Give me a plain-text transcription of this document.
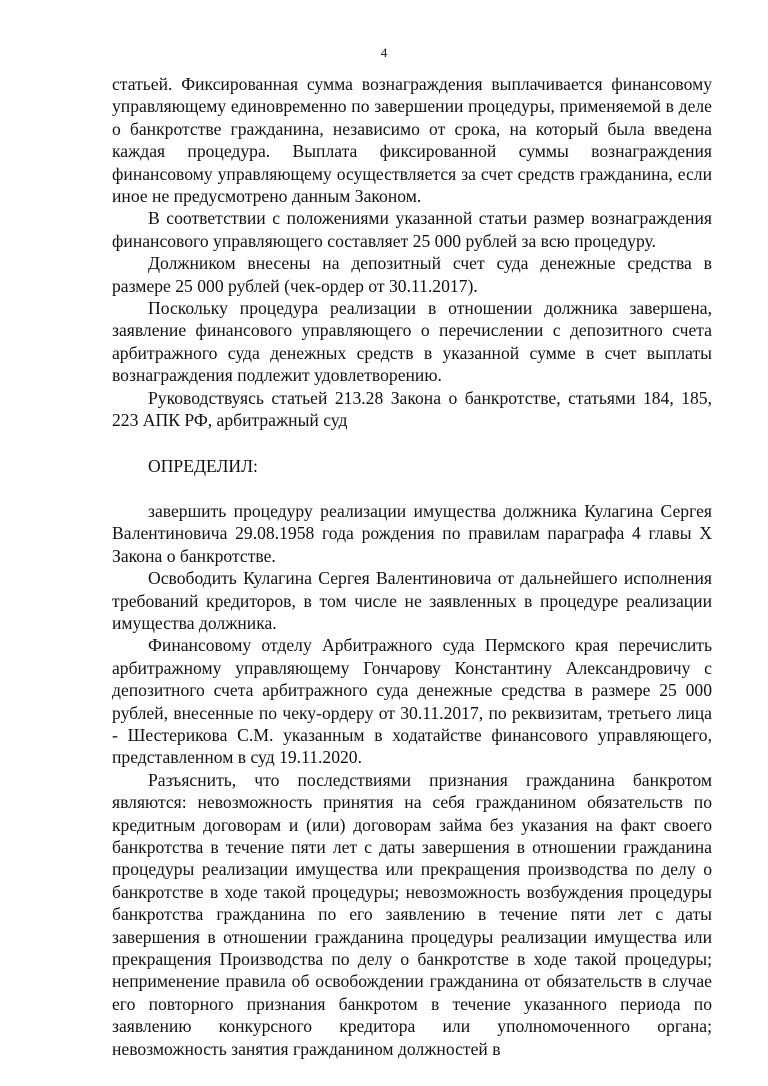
4

статьей. Фиксированная сумма вознаграждения выплачивается финансовому управляющему единовременно по завершении процедуры, применяемой в деле о банкротстве гражданина, независимо от срока, на который была введена каждая процедура. Выплата фиксированной суммы вознаграждения финансовому управляющему осуществляется за счет средств гражданина, если иное не предусмотрено данным Законом.

В соответствии с положениями указанной статьи размер вознаграждения финансового управляющего составляет 25 000 рублей за всю процедуру.

Должником внесены на депозитный счет суда денежные средства в размере 25 000 рублей (чек-ордер от 30.11.2017).

Поскольку процедура реализации в отношении должника завершена, заявление финансового управляющего о перечислении с депозитного счета арбитражного суда денежных средств в указанной сумме в счет выплаты вознаграждения подлежит удовлетворению.

Руководствуясь статьей 213.28 Закона о банкротстве, статьями 184, 185, 223 АПК РФ, арбитражный суд

ОПРЕДЕЛИЛ:

завершить процедуру реализации имущества должника Кулагина Сергея Валентиновича 29.08.1958 года рождения по правилам параграфа 4 главы X Закона о банкротстве.

Освободить Кулагина Сергея Валентиновича от дальнейшего исполнения требований кредиторов, в том числе не заявленных в процедуре реализации имущества должника.

Финансовому отделу Арбитражного суда Пермского края перечислить арбитражному управляющему Гончарову Константину Александровичу с депозитного счета арбитражного суда денежные средства в размере 25 000 рублей, внесенные по чеку-ордеру от 30.11.2017, по реквизитам, третьего лица - Шестерикова С.М. указанным в ходатайстве финансового управляющего, представленном в суд 19.11.2020.

Разъяснить, что последствиями признания гражданина банкротом являются: невозможность принятия на себя гражданином обязательств по кредитным договорам и (или) договорам займа без указания на факт своего банкротства в течение пяти лет с даты завершения в отношении гражданина процедуры реализации имущества или прекращения производства по делу о банкротстве в ходе такой процедуры; невозможность возбуждения процедуры банкротства гражданина по его заявлению в течение пяти лет с даты завершения в отношении гражданина процедуры реализации имущества или прекращения Производства по делу о банкротстве в ходе такой процедуры; неприменение правила об освобождении гражданина от обязательств в случае его повторного признания банкротом в течение указанного периода по заявлению конкурсного кредитора или уполномоченного органа; невозможность занятия гражданином должностей в
